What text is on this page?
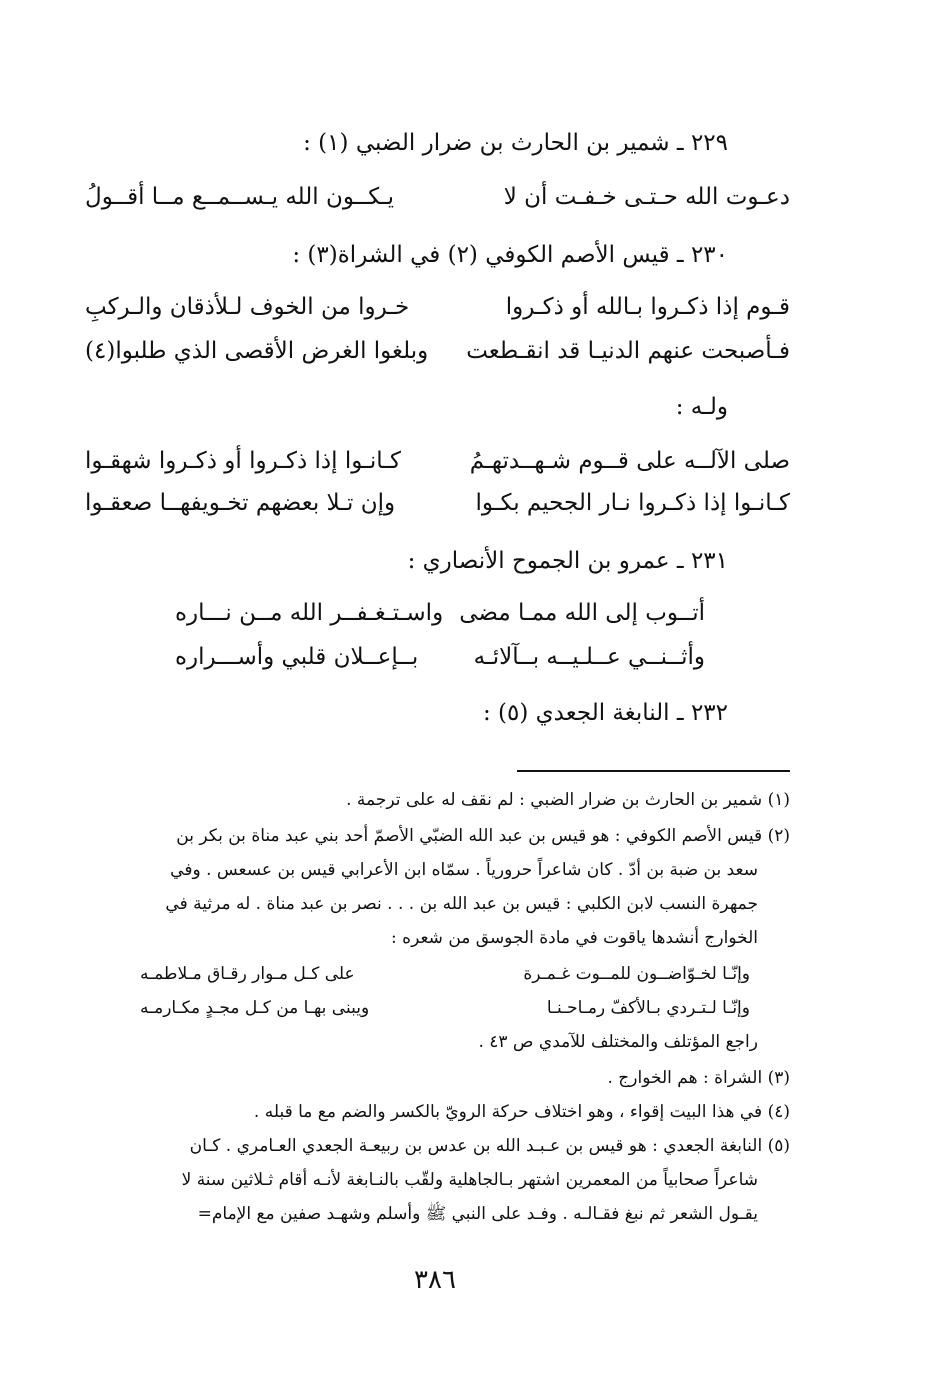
٢٢٩ ـ شمير بن الحارث بن ضرار الضبي (١) :
دعـوت الله حـتـى خـفـت أن لا
يـكــون الله يـســمــع مــا أقــولُ
٢٣٠ ـ قيس الأصم الكوفي (٢) في الشراة(٣) :
قـوم إذا ذكـروا بـالله أو ذكـروا
خـروا من الخوف لـلأذقان والـركبِ
فـأصبحت عنهم الدنيـا قد انقـطعت
وبلغوا الغرض الأقصى الذي طلبوا(٤)
ولـه :
صلى الآلــه على قــوم شـهــدتهـمُ
كـانـوا إذا ذكـروا أو ذكـروا شهقـوا
كـانـوا إذا ذكـروا نـار الجحيم بكـوا
وإن تـلا بعضهم تخـويفهــا صعقـوا
٢٣١ ـ عمرو بن الجموح الأنصاري :
أتــوب إلى الله ممـا مضى
واسـتـغـفــر الله مــن نـــاره
وأثــنــي عــلـيــه بــآلائـه
بــإعــلان قلبي وأســـراره
٢٣٢ ـ النابغة الجعدي (٥) :
(١) شمير بن الحارث بن ضرار الضبي : لم نقف له على ترجمة .
(٢) قيس الأصم الكوفي : هو قيس بن عبد الله الضبّي الأصمّ أحد بني عبد مناة بن بكر بن
سعد بن ضبة بن أدّ . كان شاعراً حرورياً . سمّاه ابن الأعرابي قيس بن عسعس . وفي
جمهرة النسب لابن الكلبي : قيس بن عبد الله بن . . . نصر بن عبد مناة . له مرثية في
الخوارج أنشدها ياقوت في مادة الجوسق من شعره :
وإنّـا لخـوّاضــون للمــوت غـمـرة
على كـل مـوار رقـاق مـلاطمـه
وإنّـا لـتـردي بـالأكفّ رمـاحـنـا
ويبنى بهـا من كـل مجـدٍ مكـارمـه
راجع المؤتلف والمختلف للآمدي ص ٤٣ .
(٣) الشراة : هم الخوارج .
(٤) في هذا البيت إقواء ، وهو اختلاف حركة الرويّ بالكسر والضم مع ما قبله .
(٥) النابغة الجعدي : هو قيس بن عـبـد الله بن عدس بن ربيعـة الجعدي العـامري . كـان
شاعراً صحابياً من المعمرين اشتهر بـالجاهلية ولقّب بالنـابغة لأنـه أقام ثـلاثين سنة لا
يقـول الشعر ثم نبغ فقـالـه . وفـد على النبي ﷺ وأسلم وشهـد صفين مع الإمام=
٣٨٦
